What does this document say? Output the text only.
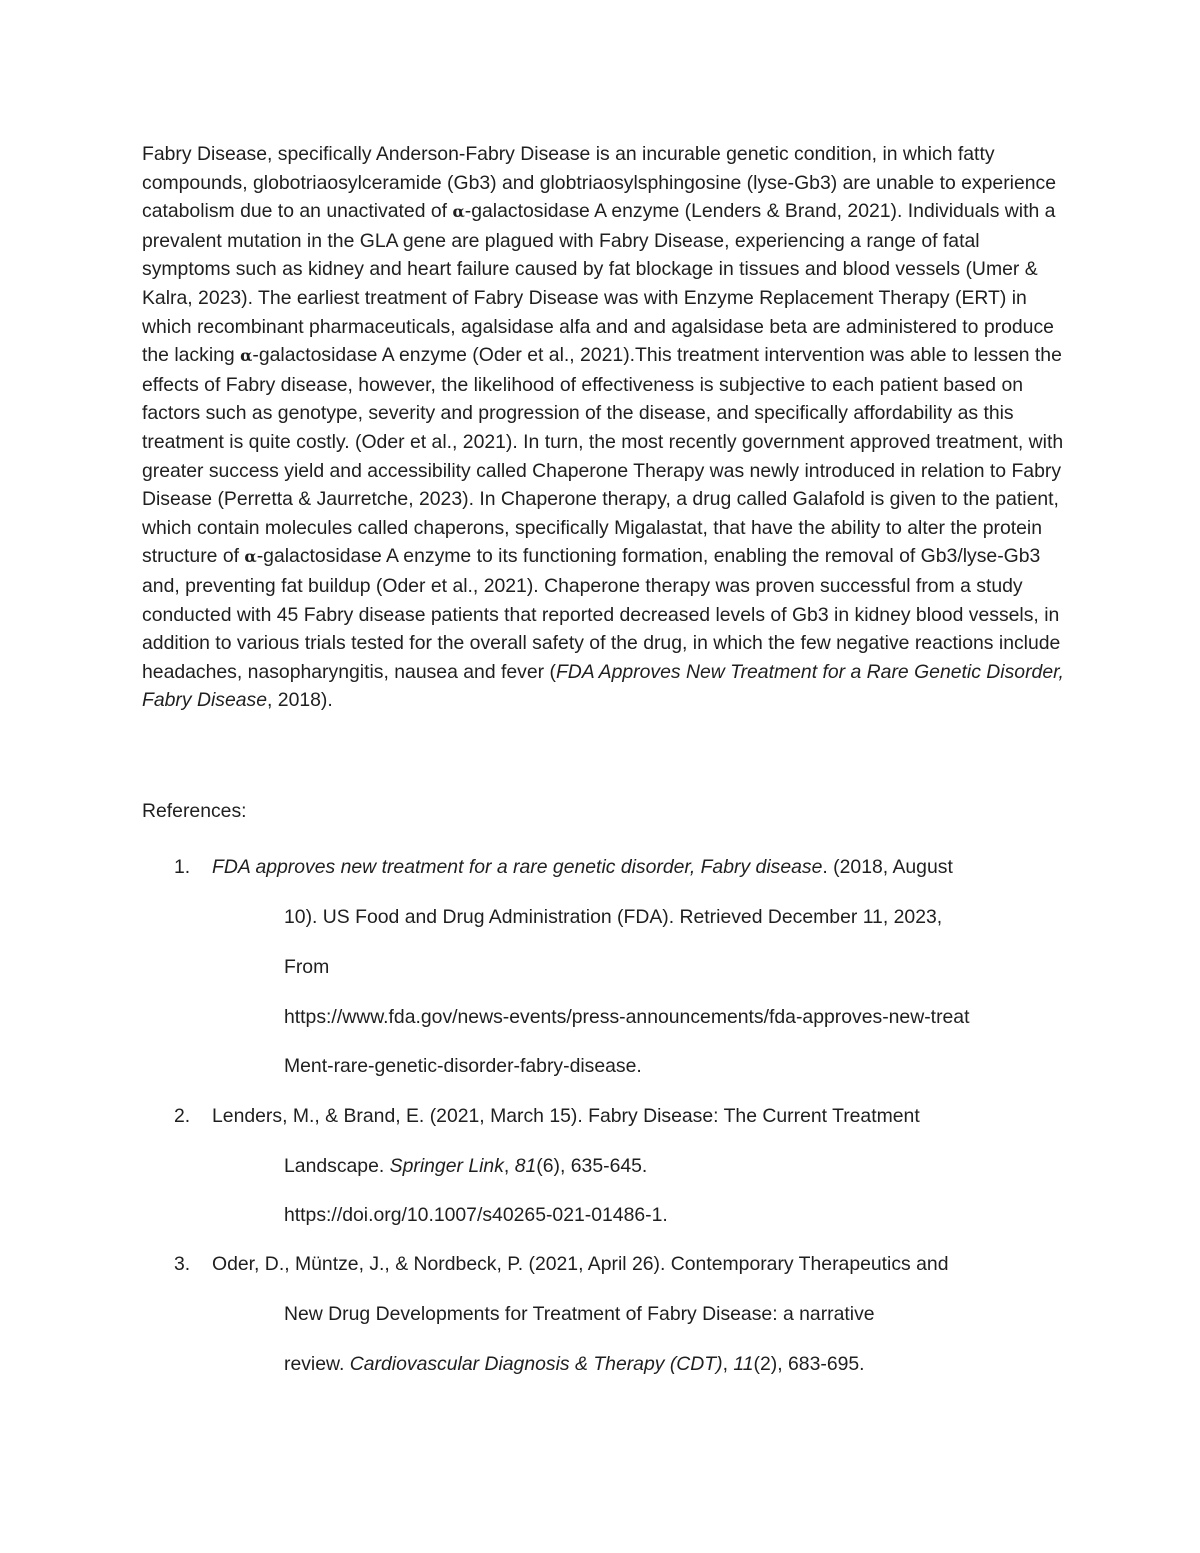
Fabry Disease, specifically Anderson-Fabry Disease is an incurable genetic condition, in which fatty compounds, globotriaosylceramide (Gb3) and globtriaosylsphingosine (lyse-Gb3) are unable to experience catabolism due to an unactivated of α-galactosidase A enzyme (Lenders & Brand, 2021). Individuals with a prevalent mutation in the GLA gene are plagued with Fabry Disease, experiencing a range of fatal symptoms such as kidney and heart failure caused by fat blockage in tissues and blood vessels (Umer & Kalra, 2023). The earliest treatment of Fabry Disease was with Enzyme Replacement Therapy (ERT) in which recombinant pharmaceuticals, agalsidase alfa and and agalsidase beta are administered to produce the lacking α-galactosidase A enzyme (Oder et al., 2021).This treatment intervention was able to lessen the effects of Fabry disease, however, the likelihood of effectiveness is subjective to each patient based on factors such as genotype, severity and progression of the disease, and specifically affordability as this treatment is quite costly. (Oder et al., 2021). In turn, the most recently government approved treatment, with greater success yield and accessibility called Chaperone Therapy was newly introduced in relation to Fabry Disease (Perretta & Jaurretche, 2023). In Chaperone therapy, a drug called Galafold is given to the patient, which contain molecules called chaperons, specifically Migalastat, that have the ability to alter the protein structure of α-galactosidase A enzyme to its functioning formation, enabling the removal of Gb3/lyse-Gb3 and, preventing fat buildup (Oder et al., 2021). Chaperone therapy was proven successful from a study conducted with 45 Fabry disease patients that reported decreased levels of Gb3 in kidney blood vessels, in addition to various trials tested for the overall safety of the drug, in which the few negative reactions include headaches, nasopharyngitis, nausea and fever (FDA Approves New Treatment for a Rare Genetic Disorder, Fabry Disease, 2018).

References:

1. FDA approves new treatment for a rare genetic disorder, Fabry disease. (2018, August

10). US Food and Drug Administration (FDA). Retrieved December 11, 2023,

From

https://www.fda.gov/news-events/press-announcements/fda-approves-new-treat

Ment-rare-genetic-disorder-fabry-disease.

2. Lenders, M., & Brand, E. (2021, March 15). Fabry Disease: The Current Treatment

Landscape. Springer Link, 81(6), 635-645.

https://doi.org/10.1007/s40265-021-01486-1.

3. Oder, D., Müntze, J., & Nordbeck, P. (2021, April 26). Contemporary Therapeutics and

New Drug Developments for Treatment of Fabry Disease: a narrative

review. Cardiovascular Diagnosis & Therapy (CDT), 11(2), 683-695.
